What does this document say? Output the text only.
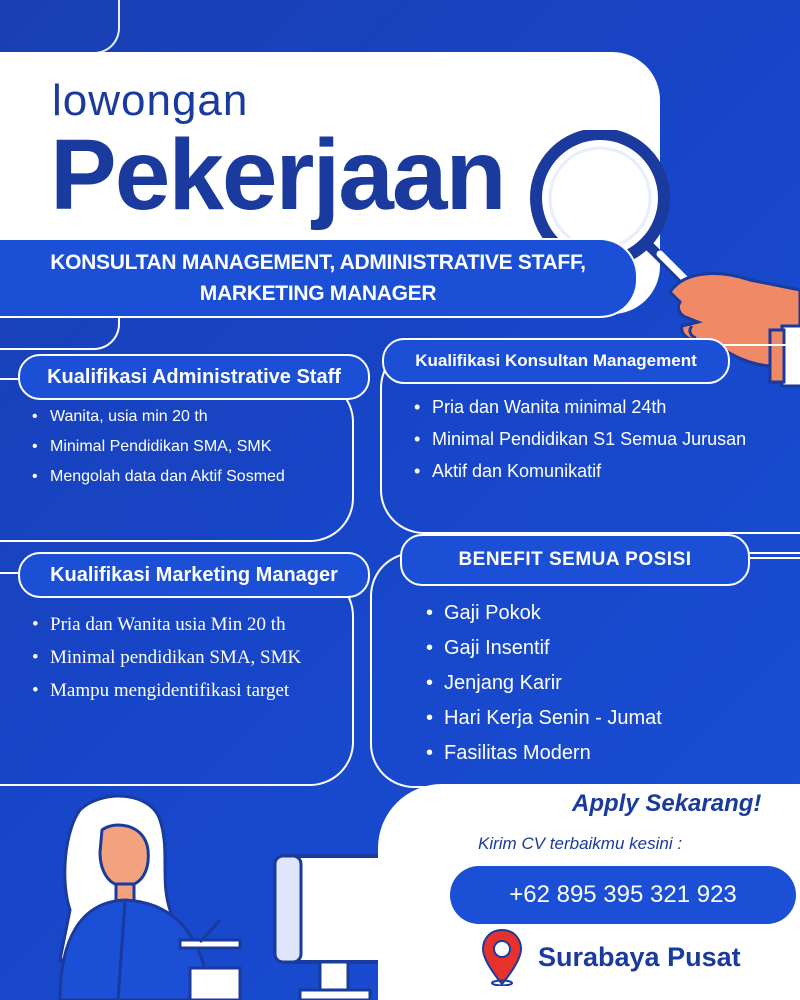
lowongan
Pekerjaan
KONSULTAN MANAGEMENT, ADMINISTRATIVE STAFF,
MARKETING MANAGER
Kualifikasi Administrative Staff
Kualifikasi Konsultan Management
Kualifikasi Marketing Manager
BENEFIT SEMUA POSISI
• Wanita, usia min 20 th
• Minimal Pendidikan SMA, SMK
• Mengolah data dan Aktif Sosmed
• Pria dan Wanita minimal 24th
• Minimal Pendidikan S1 Semua Jurusan
• Aktif dan Komunikatif
• Pria dan Wanita usia Min 20 th
• Minimal pendidikan SMA, SMK
• Mampu mengidentifikasi target
• Gaji Pokok
• Gaji Insentif
• Jenjang Karir
• Hari Kerja Senin - Jumat
• Fasilitas Modern
Apply Sekarang!
Kirim CV terbaikmu kesini :
+62 895 395 321 923
Surabaya Pusat
